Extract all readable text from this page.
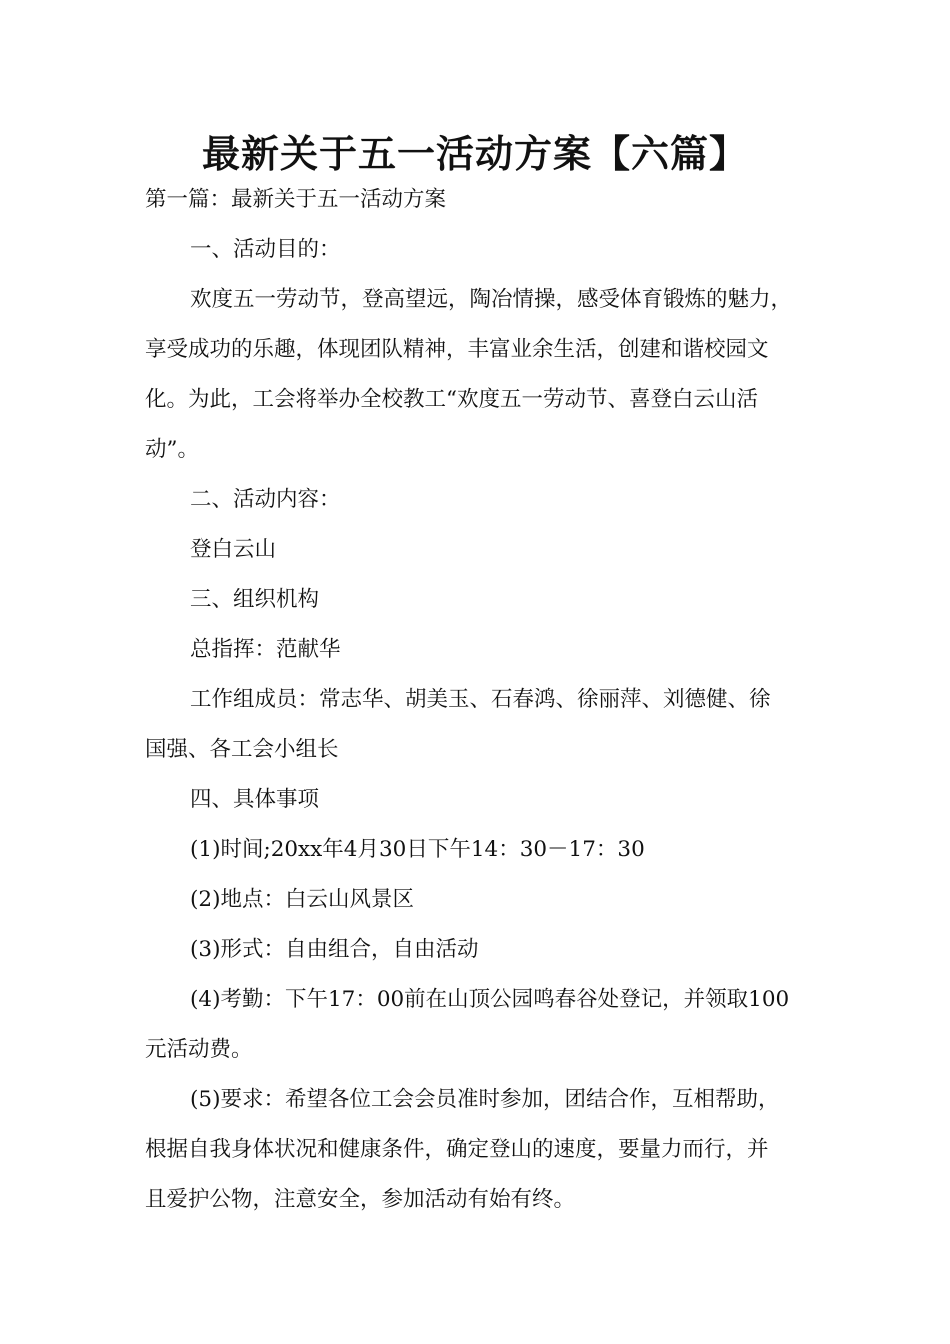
最新关于五一活动方案【六篇】

第一篇：最新关于五一活动方案

一、活动目的：

欢度五一劳动节，登高望远，陶冶情操，感受体育锻炼的魅力，

享受成功的乐趣，体现团队精神，丰富业余生活，创建和谐校园文

化。为此，工会将举办全校教工“欢度五一劳动节、喜登白云山活

动”。

二、活动内容：

登白云山

三、组织机构

总指挥：范献华

工作组成员：常志华、胡美玉、石春鸿、徐丽萍、刘德健、徐

国强、各工会小组长

四、具体事项

(1)时间;20xx年4月30日下午14：30－17：30

(2)地点：白云山风景区

(3)形式：自由组合，自由活动

(4)考勤：下午17：00前在山顶公园鸣春谷处登记，并领取100

元活动费。

(5)要求：希望各位工会会员准时参加，团结合作，互相帮助，

根据自我身体状况和健康条件，确定登山的速度，要量力而行，并

且爱护公物，注意安全，参加活动有始有终。
